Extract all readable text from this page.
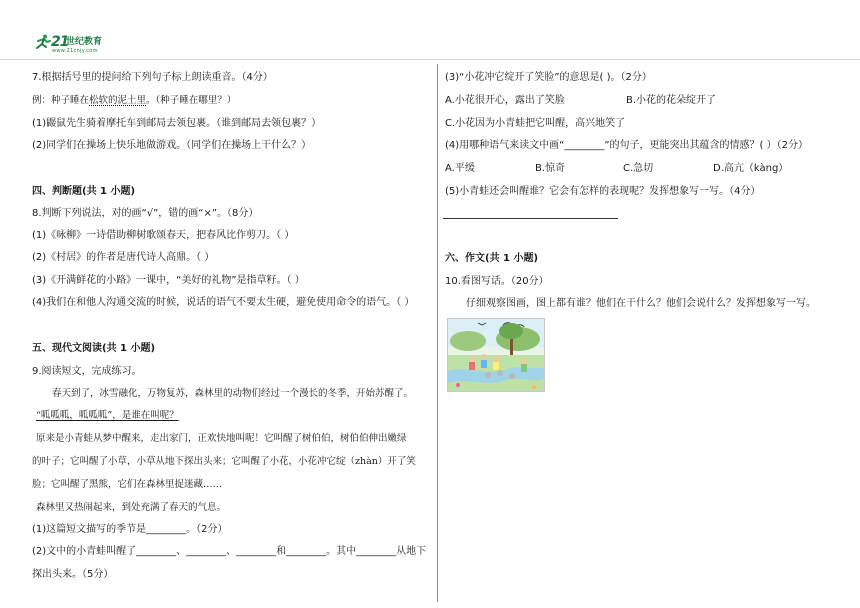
21
世纪教育
www.21cnjy.com
7.根据括号里的提问给下列句子标上朗读重音。（4分）
例：种子睡在松软的泥土里。（种子睡在哪里？）
(1)鼹鼠先生骑着摩托车到邮局去领包裹。（谁到邮局去领包裹？）
(2)同学们在操场上快乐地做游戏。（同学们在操场上干什么？）
四、判断题(共 1 小题)
8.判断下列说法，对的画“√”，错的画“×”。（8分）
(1)《咏柳》一诗借助柳树歌颂春天，把春风比作剪刀。（ ）
(2)《村居》的作者是唐代诗人高鼎。（ ）
(3)《开满鲜花的小路》一课中，“美好的礼物”是指草籽。（ ）
(4)我们在和他人沟通交流的时候，说话的语气不要太生硬，避免使用命令的语气。（ ）
五、现代文阅读(共 1 小题)
9.阅读短文，完成练习。
春天到了，冰雪融化，万物复苏，森林里的动物们经过一个漫长的冬季，开始苏醒了。
“呱呱呱，呱呱呱”，是谁在叫呢？
原来是小青蛙从梦中醒来，走出家门，正欢快地叫呢！它叫醒了树伯伯，树伯伯伸出嫩绿
的叶子；它叫醒了小草，小草从地下探出头来；它叫醒了小花，小花冲它绽（zhàn）开了笑
脸；它叫醒了黑熊，它们在森林里捉迷藏……
森林里又热闹起来，到处充满了春天的气息。
(1)这篇短文描写的季节是________。（2分）
(2)文中的小青蛙叫醒了________、________、________和________。其中________从地下
探出头来。（5分）
(3)“小花冲它绽开了笑脸”的意思是( )。（2分）
A.小花很开心，露出了笑脸	B.小花的花朵绽开了
C.小花因为小青蛙把它叫醒，高兴地笑了
(4)用哪种语气来读文中画“________”的句子，更能突出其蕴含的情感？( ）（2分）
A.平缓	B.惊奇	C.急切	D.高亢（kàng）
(5)小青蛙还会叫醒谁？它会有怎样的表现呢？发挥想象写一写。（4分）
六、作文(共 1 小题)
10.看图写话。（20分）
仔细观察图画，图上都有谁？他们在干什么？他们会说什么？发挥想象写一写。
